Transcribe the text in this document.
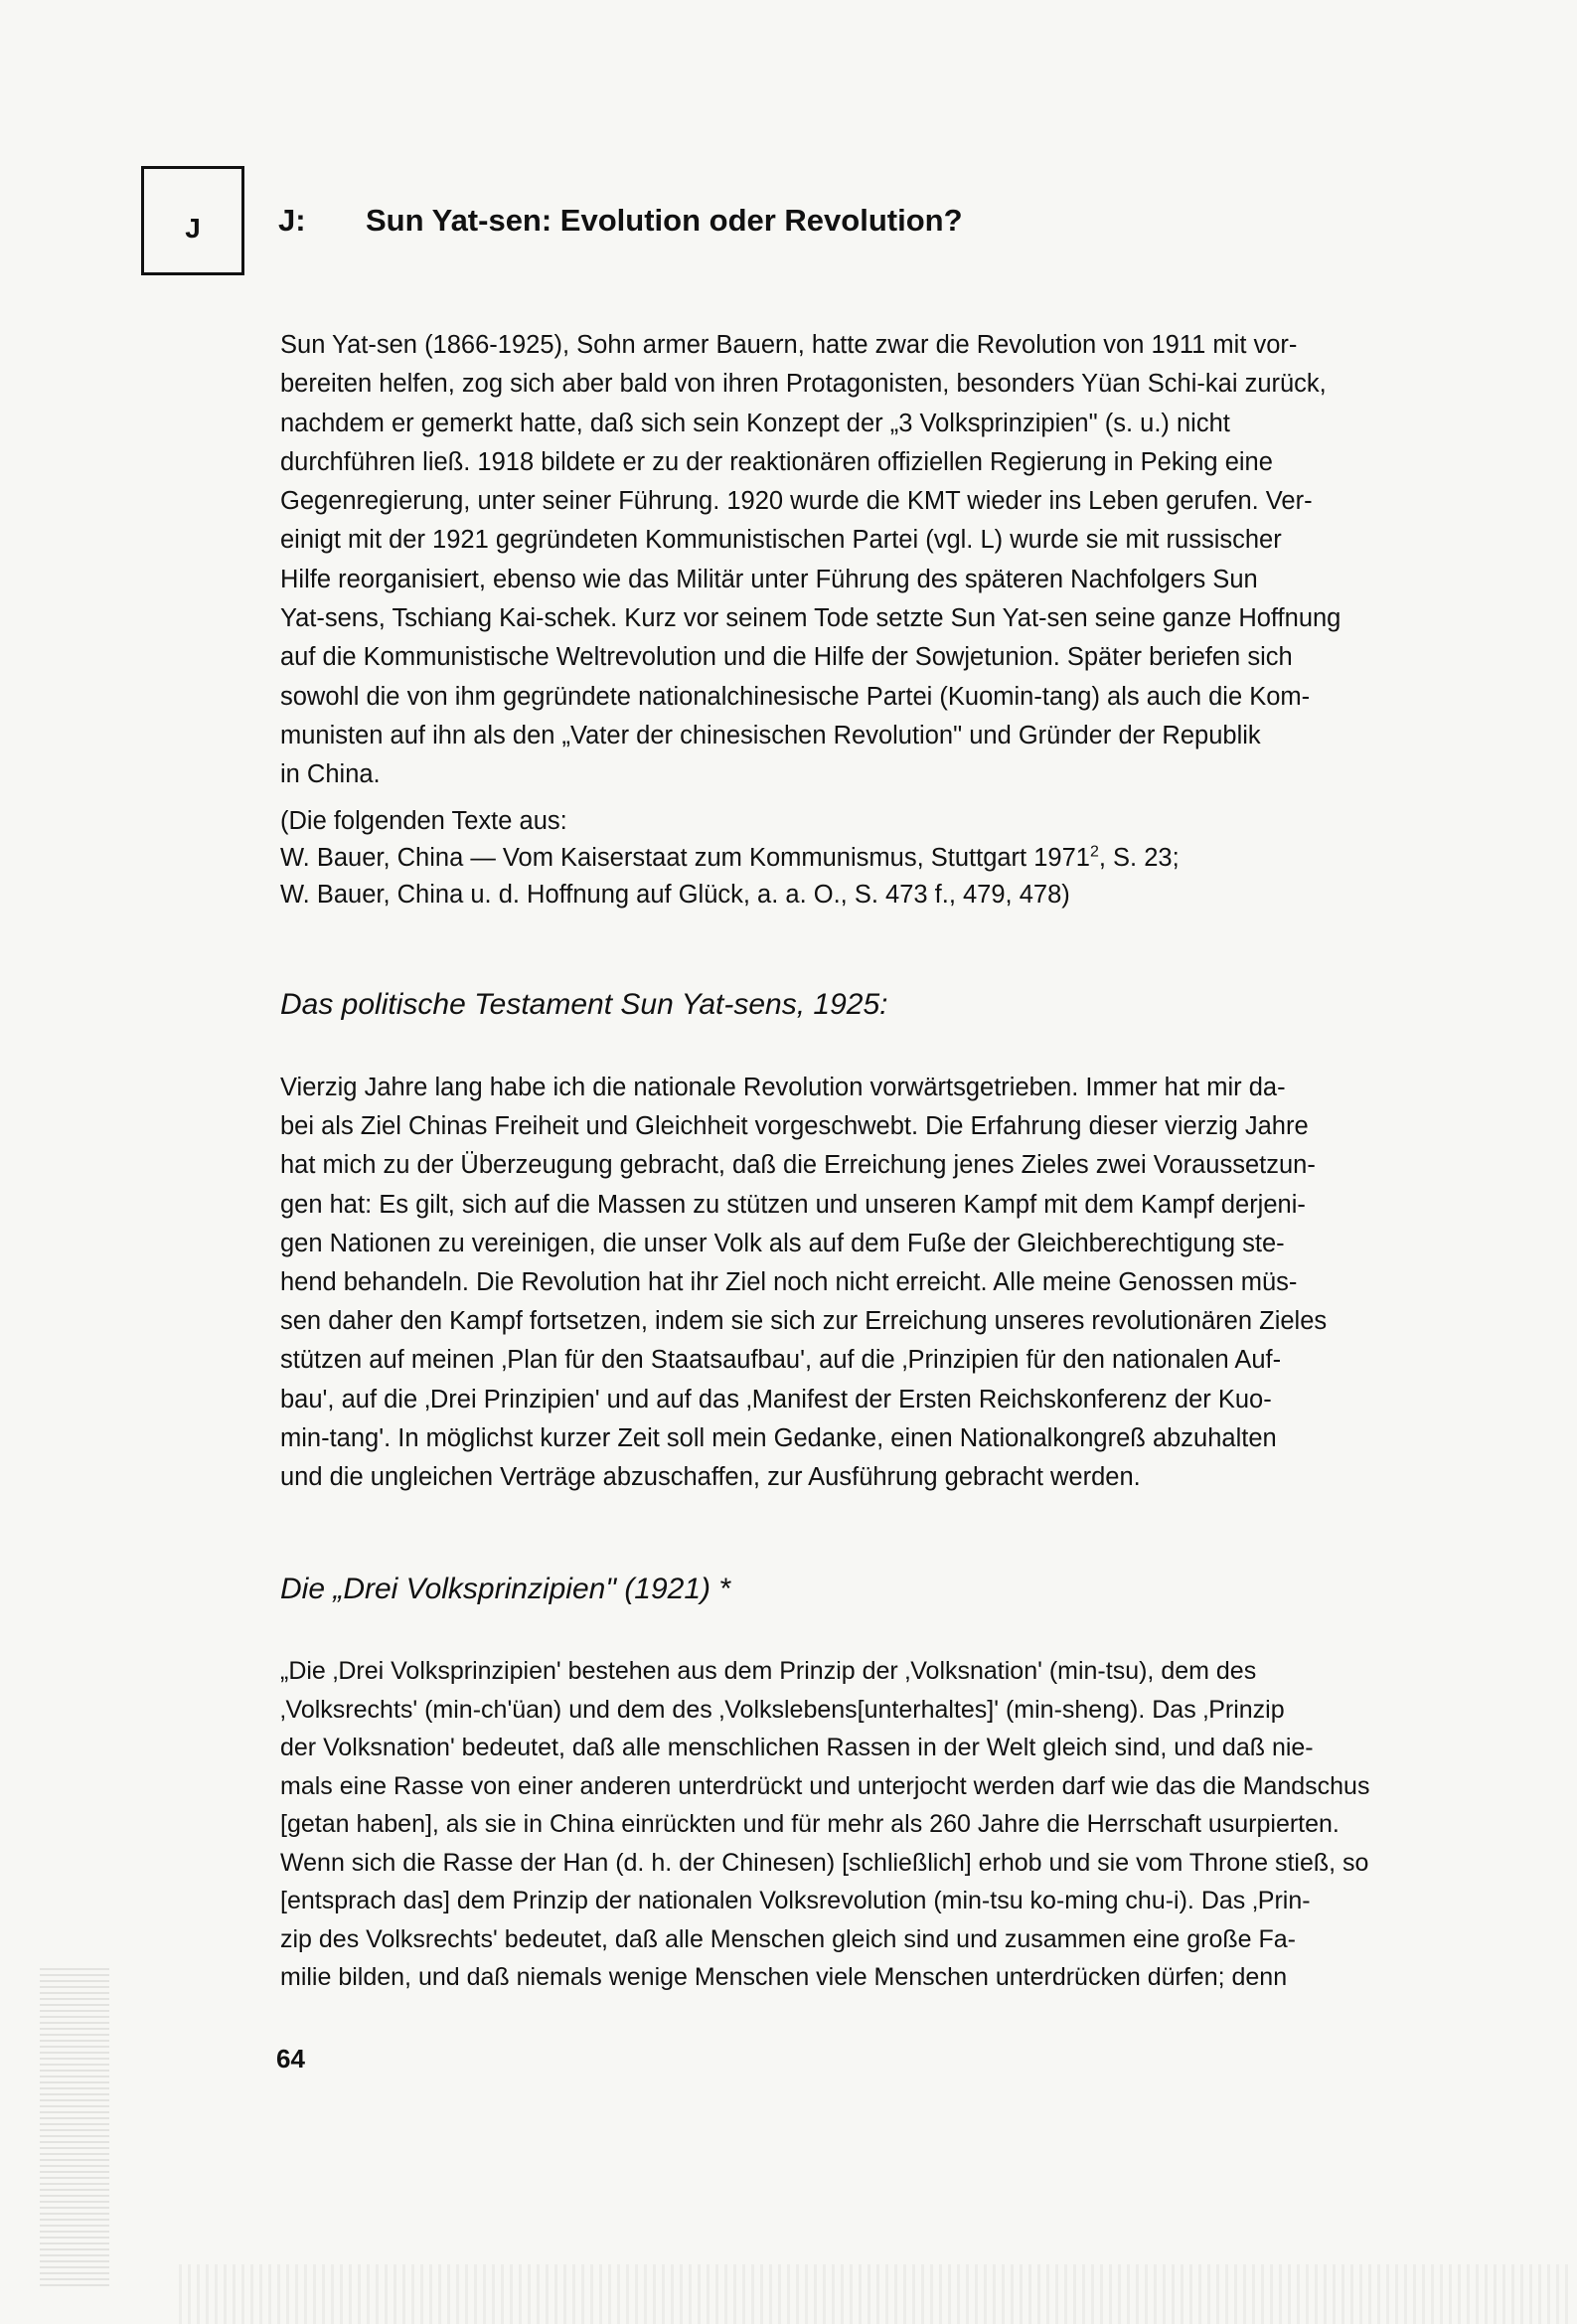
J	J: Sun Yat-sen: Evolution oder Revolution?
Sun Yat-sen (1866-1925), Sohn armer Bauern, hatte zwar die Revolution von 1911 mit vor-
bereiten helfen, zog sich aber bald von ihren Protagonisten, besonders Yüan Schi-kai zurück,
nachdem er gemerkt hatte, daß sich sein Konzept der „3 Volksprinzipien" (s. u.) nicht
durchführen ließ. 1918 bildete er zu der reaktionären offiziellen Regierung in Peking eine
Gegenregierung, unter seiner Führung. 1920 wurde die KMT wieder ins Leben gerufen. Ver-
einigt mit der 1921 gegründeten Kommunistischen Partei (vgl. L) wurde sie mit russischer
Hilfe reorganisiert, ebenso wie das Militär unter Führung des späteren Nachfolgers Sun
Yat-sens, Tschiang Kai-schek. Kurz vor seinem Tode setzte Sun Yat-sen seine ganze Hoffnung
auf die Kommunistische Weltrevolution und die Hilfe der Sowjetunion. Später beriefen sich
sowohl die von ihm gegründete nationalchinesische Partei (Kuomin-tang) als auch die Kom-
munisten auf ihn als den „Vater der chinesischen Revolution" und Gründer der Republik
in China.
(Die folgenden Texte aus:
W. Bauer, China — Vom Kaiserstaat zum Kommunismus, Stuttgart 1971$^2$, S. 23;
W. Bauer, China u. d. Hoffnung auf Glück, a. a. O., S. 473 f., 479, 478)
Das politische Testament Sun Yat-sens, 1925:
Vierzig Jahre lang habe ich die nationale Revolution vorwärtsgetrieben. Immer hat mir da-
bei als Ziel Chinas Freiheit und Gleichheit vorgeschwebt. Die Erfahrung dieser vierzig Jahre
hat mich zu der Überzeugung gebracht, daß die Erreichung jenes Zieles zwei Voraussetzun-
gen hat: Es gilt, sich auf die Massen zu stützen und unseren Kampf mit dem Kampf derjeni-
gen Nationen zu vereinigen, die unser Volk als auf dem Fuße der Gleichberechtigung ste-
hend behandeln. Die Revolution hat ihr Ziel noch nicht erreicht. Alle meine Genossen müs-
sen daher den Kampf fortsetzen, indem sie sich zur Erreichung unseres revolutionären Zieles
stützen auf meinen ‚Plan für den Staatsaufbau', auf die ‚Prinzipien für den nationalen Auf-
bau', auf die ‚Drei Prinzipien' und auf das ‚Manifest der Ersten Reichskonferenz der Kuo-
min-tang'. In möglichst kurzer Zeit soll mein Gedanke, einen Nationalkongreß abzuhalten
und die ungleichen Verträge abzuschaffen, zur Ausführung gebracht werden.
Die „Drei Volksprinzipien" (1921) *
„Die ‚Drei Volksprinzipien' bestehen aus dem Prinzip der ‚Volksnation' (min-tsu), dem des
‚Volksrechts' (min-ch'üan) und dem des ‚Volkslebens[unterhaltes]' (min-sheng). Das ‚Prinzip
der Volksnation' bedeutet, daß alle menschlichen Rassen in der Welt gleich sind, und daß nie-
mals eine Rasse von einer anderen unterdrückt und unterjocht werden darf wie das die Mandschus
[getan haben], als sie in China einrückten und für mehr als 260 Jahre die Herrschaft usurpierten.
Wenn sich die Rasse der Han (d. h. der Chinesen) [schließlich] erhob und sie vom Throne stieß, so
[entsprach das] dem Prinzip der nationalen Volksrevolution (min-tsu ko-ming chu-i). Das ‚Prin-
zip des Volksrechts' bedeutet, daß alle Menschen gleich sind und zusammen eine große Fa-
milie bilden, und daß niemals wenige Menschen viele Menschen unterdrücken dürfen; denn
64
